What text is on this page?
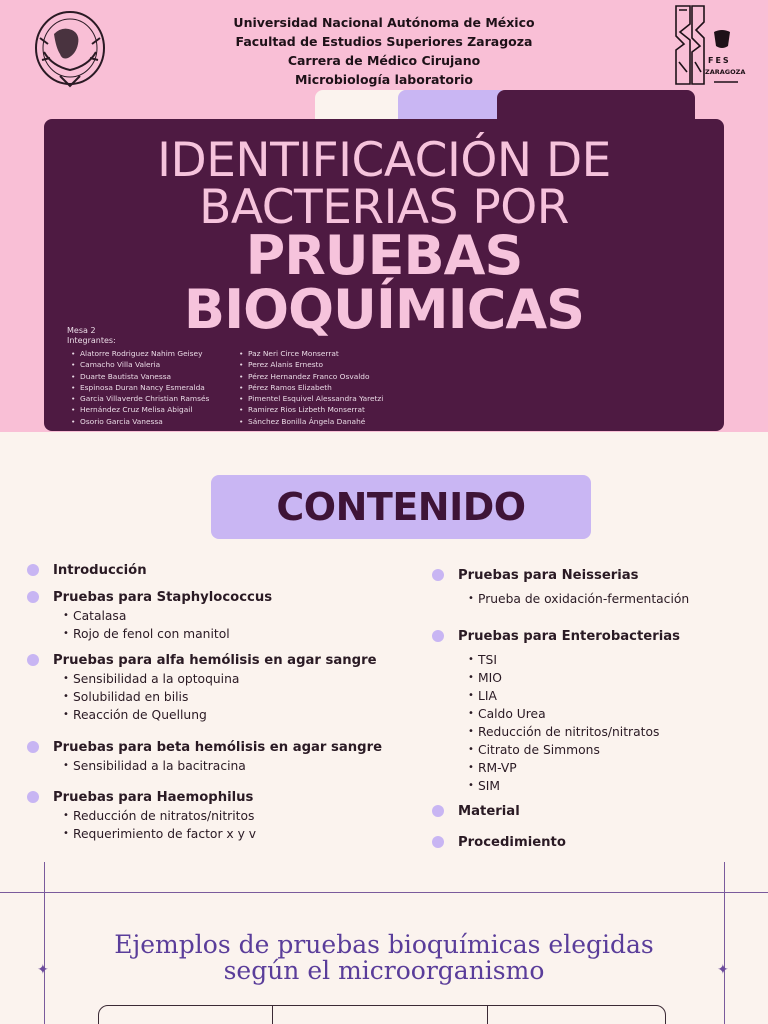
Universidad Nacional Autónoma de México
Facultad de Estudios Superiores Zaragoza
Carrera de Médico Cirujano
Microbiología laboratorio
FES
ZARAGOZA
IDENTIFICACIÓN DE
BACTERIAS POR
PRUEBAS
BIOQUÍMICAS
Mesa 2
Integrantes:
• Alatorre Rodriguez Nahim Geisey
• Camacho Villa Valeria
• Duarte Bautista Vanessa
• Espinosa Duran Nancy Esmeralda
• Garcia Villaverde Christian Ramsés
• Hernández Cruz Melisa Abigail
• Osorio Garcia Vanessa
• Paz Neri Circe Monserrat
• Perez Alanis Ernesto
• Pérez Hernandez Franco Osvaldo
• Pérez Ramos Elizabeth
• Pimentel Esquivel Alessandra Yaretzi
• Ramirez Rios Lizbeth Monserrat
• Sánchez Bonilla Ángela Danahé
CONTENIDO
Introducción
Pruebas para Staphylococcus
• Catalasa
• Rojo de fenol con manitol
Pruebas para alfa hemólisis en agar sangre
• Sensibilidad a la optoquina
• Solubilidad en bilis
• Reacción de Quellung
Pruebas para beta hemólisis en agar sangre
• Sensibilidad a la bacitracina
Pruebas para Haemophilus
• Reducción de nitratos/nitritos
• Requerimiento de factor x y v
Pruebas para Neisserias
• Prueba de oxidación-fermentación
Pruebas para Enterobacterias
• TSI
• MIO
• LIA
• Caldo Urea
• Reducción de nitritos/nitratos
• Citrato de Simmons
• RM-VP
• SIM
Material
Procedimiento
✦	✦
Ejemplos de pruebas bioquímicas elegidas
según el microorganismo
